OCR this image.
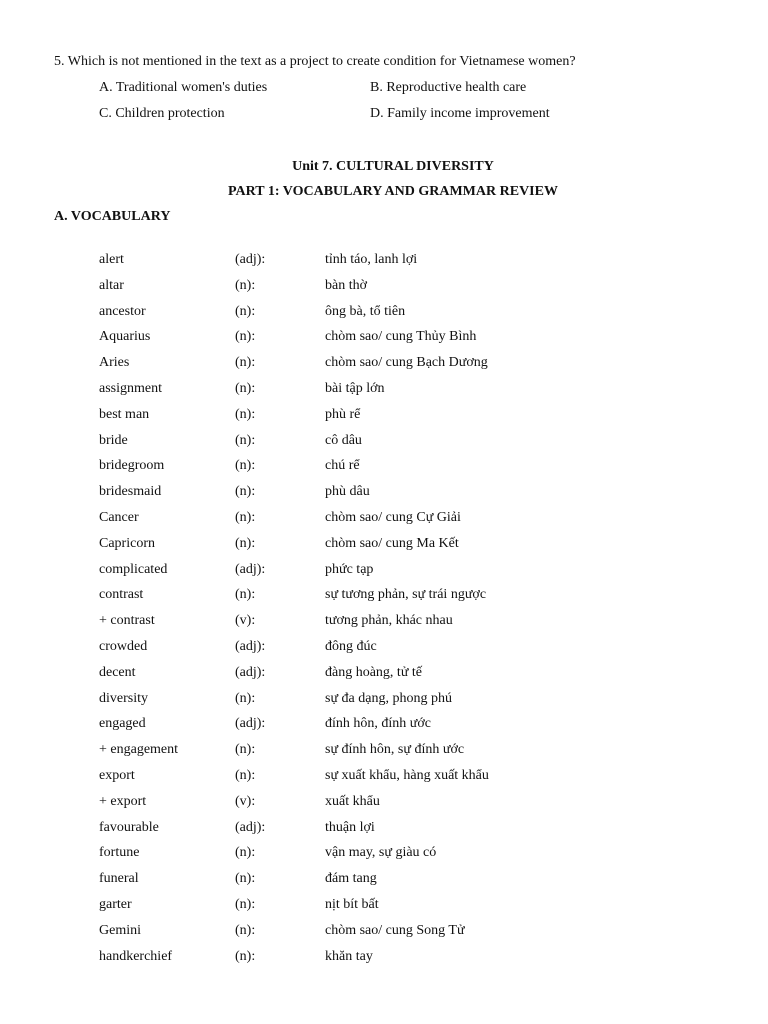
5. Which is not mentioned in the text as a project to create condition for Vietnamese women?
A. Traditional women's duties	B. Reproductive health care
C. Children protection	D. Family income improvement
Unit 7. CULTURAL DIVERSITY
PART 1: VOCABULARY AND GRAMMAR REVIEW
A. VOCABULARY
alert	(adj):	tỉnh táo, lanh lợi
altar	(n):	bàn thờ
ancestor	(n):	ông bà, tổ tiên
Aquarius	(n):	chòm sao/ cung Thủy Bình
Aries	(n):	chòm sao/ cung Bạch Dương
assignment	(n):	bài tập lớn
best man	(n):	phù rể
bride	(n):	cô dâu
bridegroom	(n):	chú rể
bridesmaid	(n):	phù dâu
Cancer	(n):	chòm sao/ cung Cự Giải
Capricorn	(n):	chòm sao/ cung Ma Kết
complicated	(adj):	phức tạp
contrast	(n):	sự tương phản, sự trái ngược
+ contrast	(v):	tương phản, khác nhau
crowded	(adj):	đông đúc
decent	(adj):	đàng hoàng, tử tế
diversity	(n):	sự đa dạng, phong phú
engaged	(adj):	đính hôn, đính ước
+ engagement	(n):	sự đính hôn, sự đính ước
export	(n):	sự xuất khẩu, hàng xuất khẩu
+ export	(v):	xuất khẩu
favourable	(adj):	thuận lợi
fortune	(n):	vận may, sự giàu có
funeral	(n):	đám tang
garter	(n):	nịt bít bất
Gemini	(n):	chòm sao/ cung Song Tử
handkerchief	(n):	khăn tay
